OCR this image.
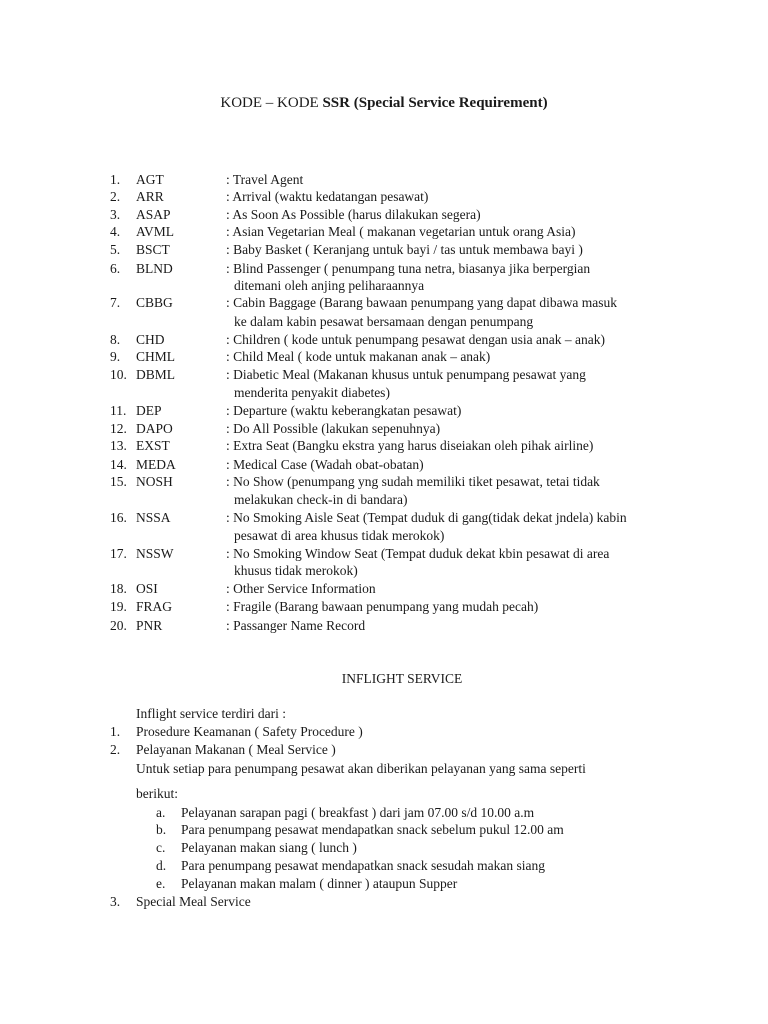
KODE – KODE SSR (Special Service Requirement)
1. AGT	: Travel Agent
2. ARR	: Arrival (waktu kedatangan pesawat)
3. ASAP	: As Soon As Possible (harus dilakukan segera)
4. AVML	: Asian Vegetarian Meal ( makanan vegetarian untuk orang Asia)
5. BSCT	: Baby Basket ( Keranjang untuk bayi / tas untuk membawa bayi )
6. BLND	: Blind Passenger ( penumpang tuna netra, biasanya jika berpergian
ditemani oleh anjing peliharaannya
7. CBBG	: Cabin Baggage (Barang bawaan penumpang yang dapat dibawa masuk
ke dalam kabin pesawat bersamaan dengan penumpang
8. CHD	: Children ( kode untuk penumpang pesawat dengan usia anak – anak)
9. CHML	: Child Meal ( kode untuk makanan anak – anak)
10. DBML	: Diabetic Meal (Makanan khusus untuk penumpang pesawat yang
menderita penyakit diabetes)
11. DEP	: Departure (waktu keberangkatan pesawat)
12. DAPO	: Do All Possible (lakukan sepenuhnya)
13. EXST	: Extra Seat (Bangku ekstra yang harus diseiakan oleh pihak airline)
14. MEDA	: Medical Case (Wadah obat-obatan)
15. NOSH	: No Show (penumpang yng sudah memiliki tiket pesawat, tetai tidak
melakukan check-in di bandara)
16. NSSA	: No Smoking Aisle Seat (Tempat duduk di gang(tidak dekat jndela) kabin
pesawat di area khusus tidak merokok)
17. NSSW	: No Smoking Window Seat (Tempat duduk dekat kbin pesawat di area
khusus tidak merokok)
18. OSI	: Other Service Information
19. FRAG	: Fragile (Barang bawaan penumpang yang mudah pecah)
20. PNR	: Passanger Name Record
INFLIGHT SERVICE
Inflight service terdiri dari :
1. Prosedure Keamanan ( Safety Procedure )
2. Pelayanan Makanan ( Meal Service )
Untuk setiap para penumpang pesawat akan diberikan pelayanan yang sama seperti
berikut:
a. Pelayanan sarapan pagi ( breakfast ) dari jam 07.00 s/d 10.00 a.m
b. Para penumpang pesawat mendapatkan snack sebelum pukul 12.00 am
c. Pelayanan makan siang ( lunch )
d. Para penumpang pesawat mendapatkan snack sesudah makan siang
e. Pelayanan makan malam ( dinner ) ataupun Supper
3. Special Meal Service
